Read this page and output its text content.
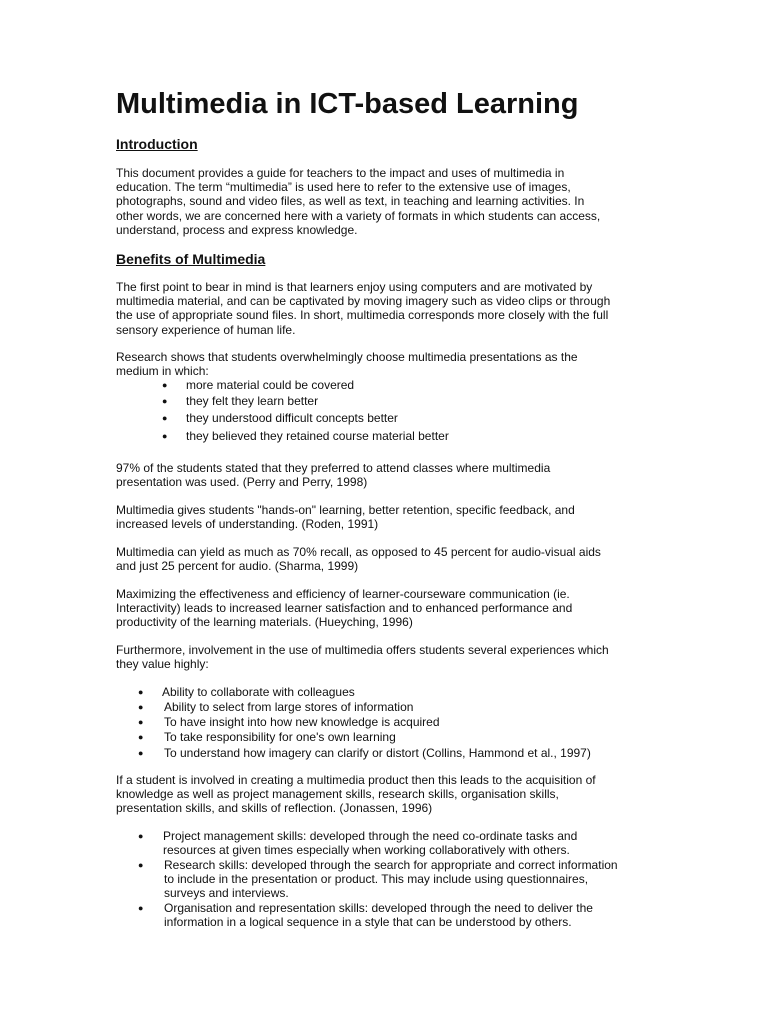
Multimedia in ICT-based Learning
Introduction

This document provides a guide for teachers to the impact and uses of multimedia in
education. The term “multimedia” is used here to refer to the extensive use of images,
photographs, sound and video files, as well as text, in teaching and learning activities. In
other words, we are concerned here with a variety of formats in which students can access,
understand, process and express knowledge.

Benefits of Multimedia

The first point to bear in mind is that learners enjoy using computers and are motivated by
multimedia material, and can be captivated by moving imagery such as video clips or through
the use of appropriate sound files. In short, multimedia corresponds more closely with the full
sensory experience of human life.

Research shows that students overwhelmingly choose multimedia presentations as the
medium in which:

● more material could be covered
● they felt they learn better
● they understood difficult concepts better
● they believed they retained course material better

97% of the students stated that they preferred to attend classes where multimedia
presentation was used. (Perry and Perry, 1998)

Multimedia gives students "hands-on" learning, better retention, specific feedback, and
increased levels of understanding. (Roden, 1991)

Multimedia can yield as much as 70% recall, as opposed to 45 percent for audio-visual aids
and just 25 percent for audio. (Sharma, 1999)

Maximizing the effectiveness and efficiency of learner-courseware communication (ie.
Interactivity) leads to increased learner satisfaction and to enhanced performance and
productivity of the learning materials. (Hueyching, 1996)

Furthermore, involvement in the use of multimedia offers students several experiences which
they value highly:

● Ability to collaborate with colleagues
● Ability to select from large stores of information
● To have insight into how new knowledge is acquired
● To take responsibility for one's own learning
● To understand how imagery can clarify or distort (Collins, Hammond et al., 1997)

If a student is involved in creating a multimedia product then this leads to the acquisition of
knowledge as well as project management skills, research skills, organisation skills,
presentation skills, and skills of reflection. (Jonassen, 1996)

● Project management skills: developed through the need co-ordinate tasks and
resources at given times especially when working collaboratively with others.
● Research skills: developed through the search for appropriate and correct information
to include in the presentation or product. This may include using questionnaires,
surveys and interviews.
● Organisation and representation skills: developed through the need to deliver the
information in a logical sequence in a style that can be understood by others.
